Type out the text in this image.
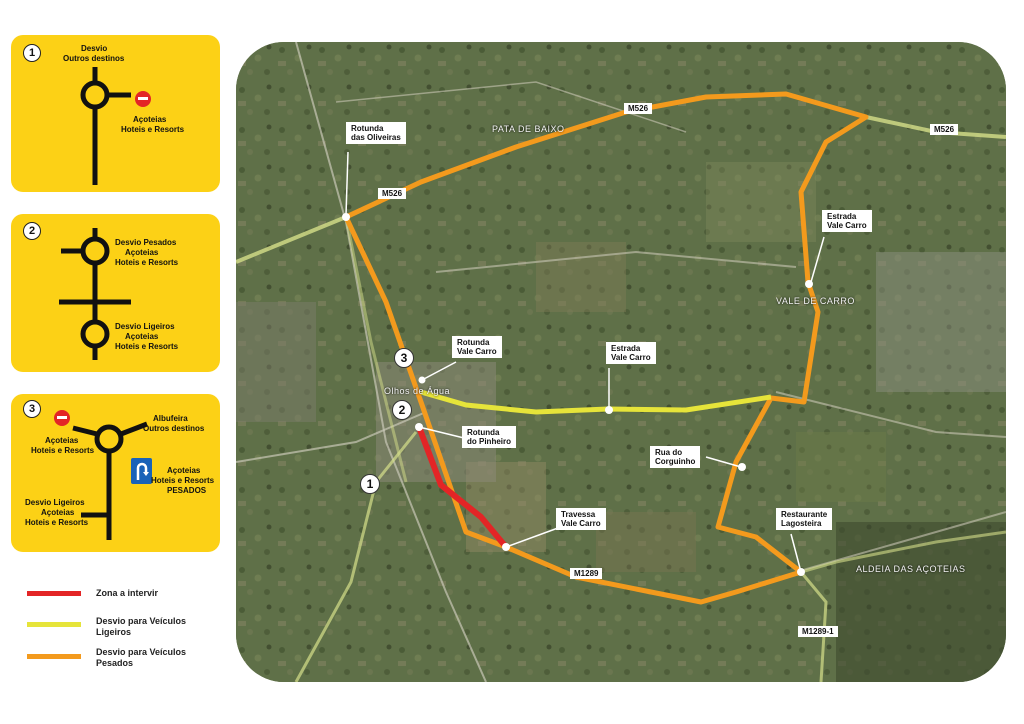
1	Desvio
Outros destinos
Açoteias
Hoteis e Resorts
2
Desvio Pesados
Açoteias
Hoteis e Resorts
Desvio Ligeiros
Açoteias
Hoteis e Resorts
3
Albufeira
Outros destinos
Açoteias
Hoteis e Resorts
Açoteias
Hoteis e Resorts
PESADOS
Desvio Ligeiros
Açoteias
Hoteis e Resorts
Zona a intervir
Desvio para Veículos
Ligeiros
Desvio para Veículos
Pesados
Rotunda
das Oliveiras
Estrada
Vale Carro
Rotunda
Vale Carro	Estrada
Vale Carro
Rotunda
do Pinheiro
Rua do
Corguinho
Travessa
Vale Carro
Restaurante
Lagosteira
M526
M526
M526
M1289
M1289-1
PATA DE BAIXO
VALE DE CARRO
Olhos de Água
ALDEIA DAS AÇOTEIAS
3
2
1
